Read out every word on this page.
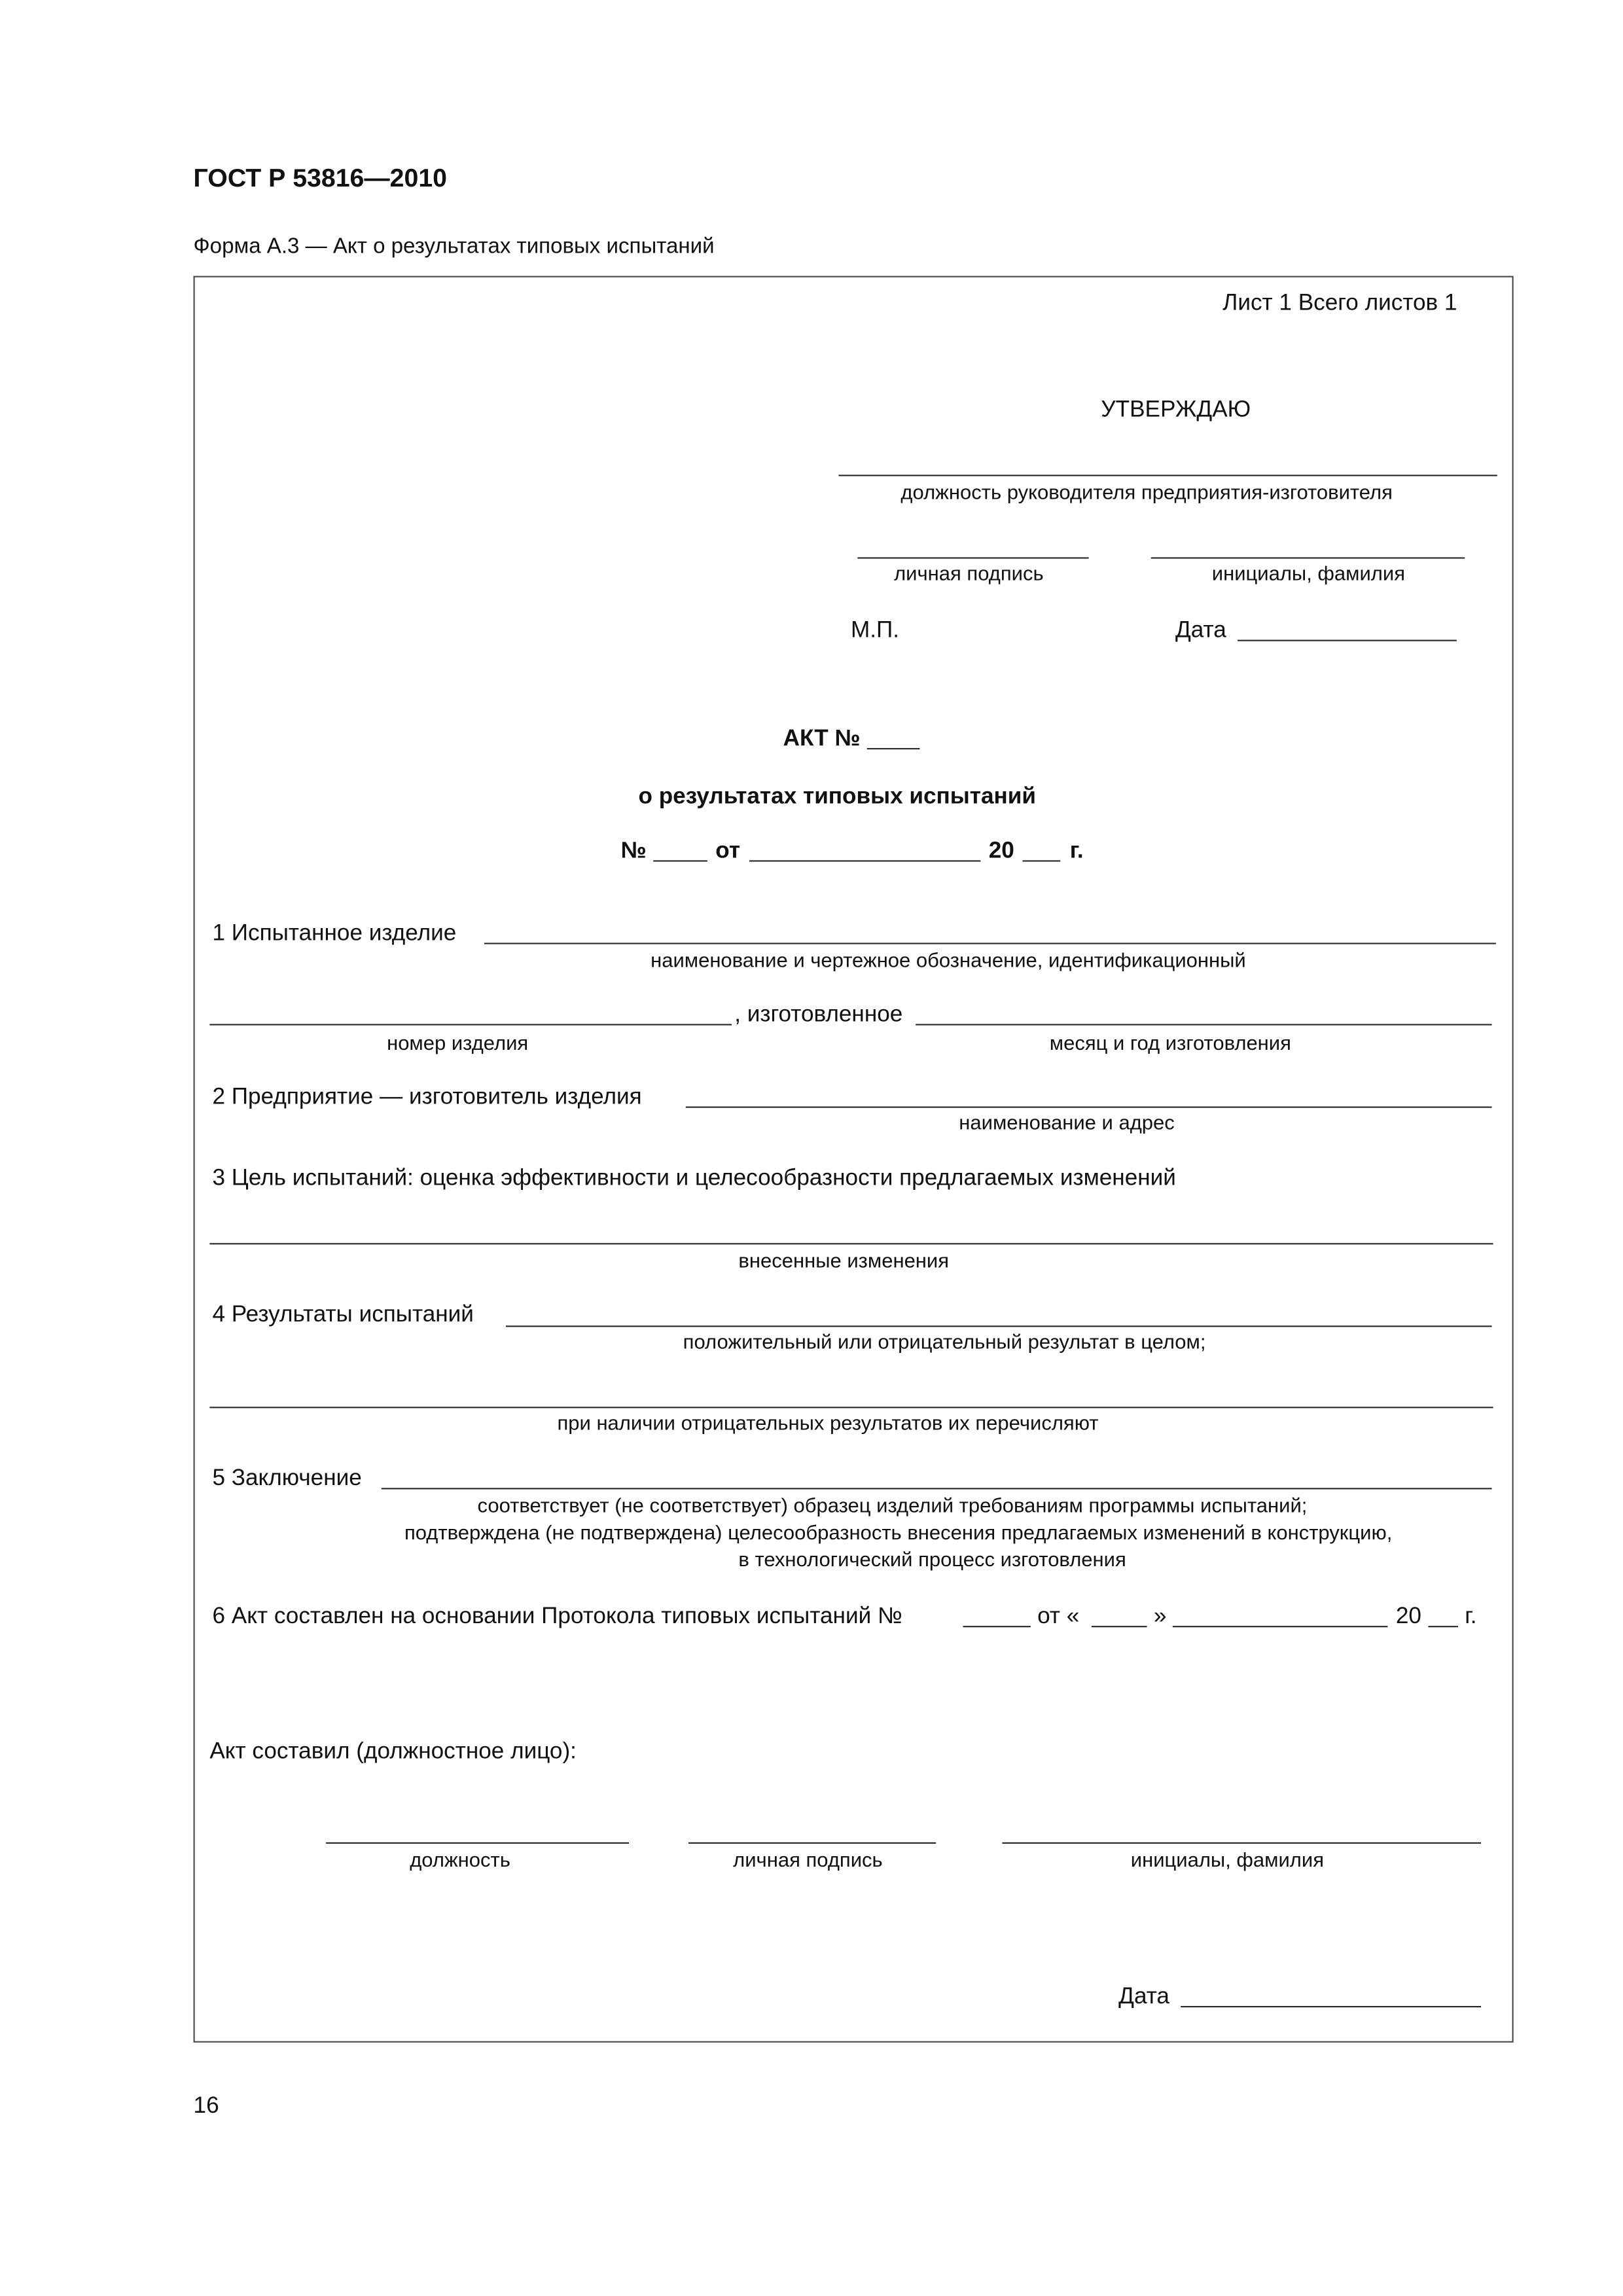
ГОСТ Р 53816—2010
Форма А.3 — Акт о результатах типовых испытаний
Лист 1 Всего листов 1
УТВЕРЖДАЮ
должность руководителя предприятия-изготовителя
личная подпись	инициалы, фамилия
М.П.	Дата
АКТ №
о результатах типовых испытаний
№	от	20	г.
1 Испытанное изделие
наименование и чертежное обозначение, идентификационный
, изготовленное
номер изделия	месяц и год изготовления
2 Предприятие — изготовитель изделия
наименование и адрес
3 Цель испытаний: оценка эффективности и целесообразности предлагаемых изменений
внесенные изменения
4 Результаты испытаний
положительный или отрицательный результат в целом;
при наличии отрицательных результатов их перечисляют
5 Заключение
соответствует (не соответствует) образец изделий требованиям программы испытаний;
подтверждена (не подтверждена) целесообразность внесения предлагаемых изменений в конструкцию,
в технологический процесс изготовления
6 Акт составлен на основании Протокола типовых испытаний №	от «	»	20	г.
Акт составил (должностное лицо):
должность	личная подпись	инициалы, фамилия
Дата
16
